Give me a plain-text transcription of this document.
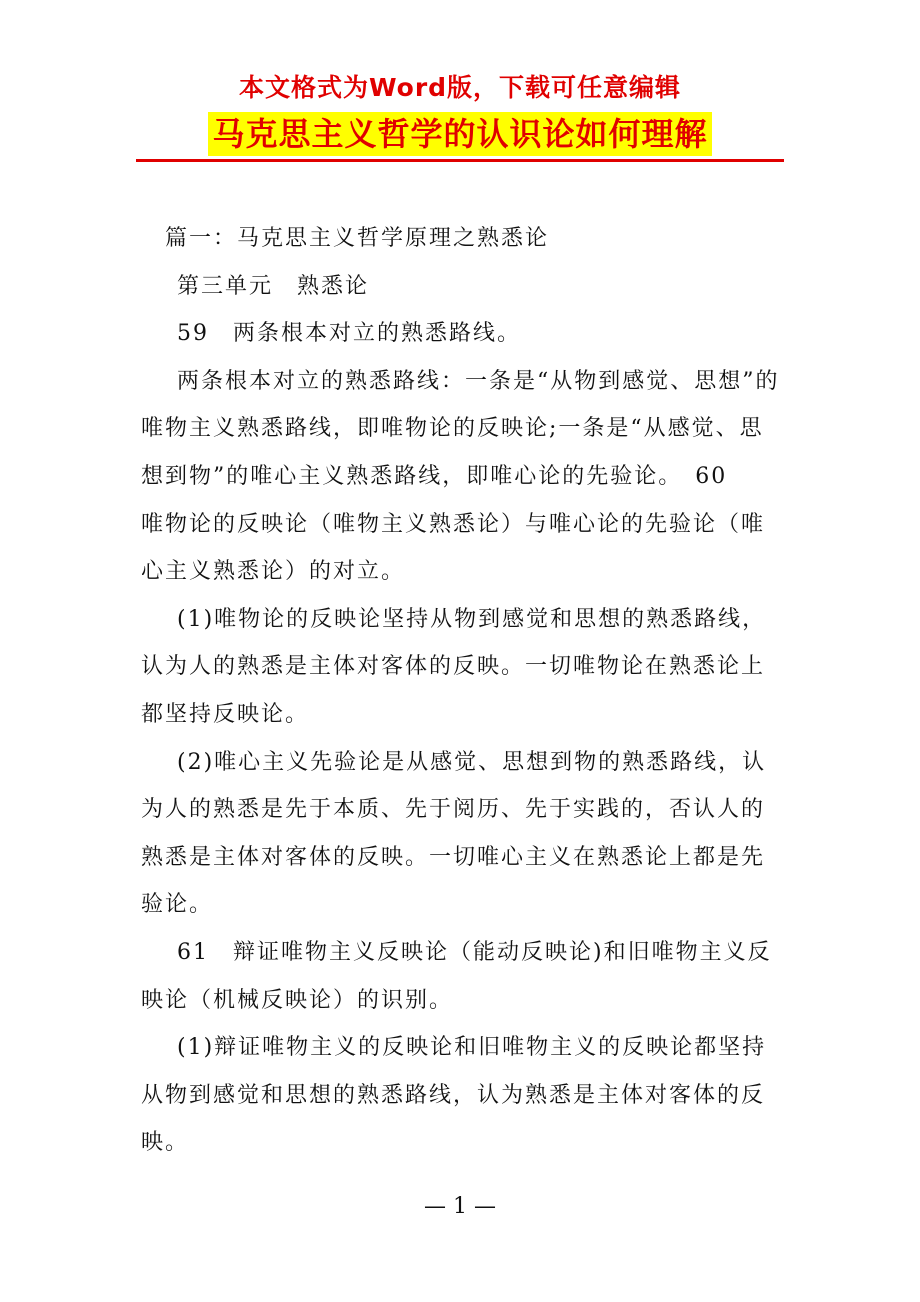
本文格式为Word版，下载可任意编辑
马克思主义哲学的认识论如何理解

篇一：马克思主义哲学原理之熟悉论

第三单元　熟悉论

59　两条根本对立的熟悉路线。

两条根本对立的熟悉路线：一条是“从物到感觉、思想”的唯物主义熟悉路线，即唯物论的反映论;一条是“从感觉、思想到物”的唯心主义熟悉路线，即唯心论的先验论。　60

唯物论的反映论（唯物主义熟悉论）与唯心论的先验论（唯心主义熟悉论）的对立。

(1)唯物论的反映论坚持从物到感觉和思想的熟悉路线，认为人的熟悉是主体对客体的反映。一切唯物论在熟悉论上都坚持反映论。

(2)唯心主义先验论是从感觉、思想到物的熟悉路线，认为人的熟悉是先于本质、先于阅历、先于实践的，否认人的熟悉是主体对客体的反映。一切唯心主义在熟悉论上都是先验论。

61　辩证唯物主义反映论（能动反映论)和旧唯物主义反映论（机械反映论）的识别。

(1)辩证唯物主义的反映论和旧唯物主义的反映论都坚持从物到感觉和思想的熟悉路线，认为熟悉是主体对客体的反映。

— 1 —
